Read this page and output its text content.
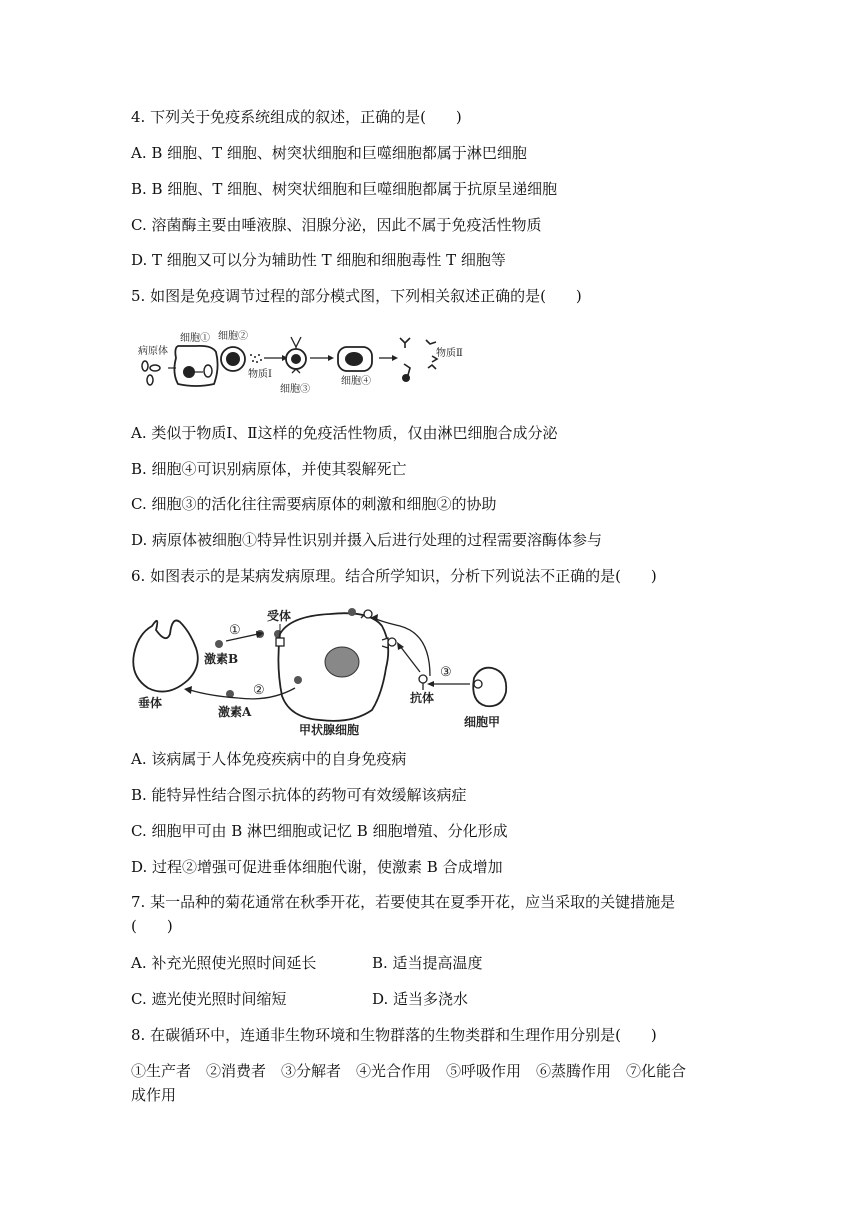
4. 下列关于免疫系统组成的叙述，正确的是(　　)
A. B 细胞、T 细胞、树突状细胞和巨噬细胞都属于淋巴细胞
B. B 细胞、T 细胞、树突状细胞和巨噬细胞都属于抗原呈递细胞
C. 溶菌酶主要由唾液腺、泪腺分泌，因此不属于免疫活性物质
D. T 细胞又可以分为辅助性 T 细胞和细胞毒性 T 细胞等
5. 如图是免疫调节过程的部分模式图，下列相关叙述正确的是(　　)
病原体
细胞① 细胞②
物质Ⅰ
细胞③
细胞④
物质Ⅱ
A. 类似于物质Ⅰ、Ⅱ这样的免疫活性物质，仅由淋巴细胞合成分泌
B. 细胞④可识别病原体，并使其裂解死亡
C. 细胞③的活化往往需要病原体的刺激和细胞②的协助
D. 病原体被细胞①特异性识别并摄入后进行处理的过程需要溶酶体参与
6. 如图表示的是某病发病原理。结合所学知识，分析下列说法不正确的是(　　)
垂体
激素B
①
甲状腺细胞
受体
激素A
②	抗体
③
细胞甲
A. 该病属于人体免疫疾病中的自身免疫病
B. 能特异性结合图示抗体的药物可有效缓解该病症
C. 细胞甲可由 B 淋巴细胞或记忆 B 细胞增殖、分化形成
D. 过程②增强可促进垂体细胞代谢，使激素 B 合成增加
7. 某一品种的菊花通常在秋季开花，若要使其在夏季开花，应当采取的关键措施是
(　　)
A. 补充光照使光照时间延长	B. 适当提高温度
C. 遮光使光照时间缩短	D. 适当多浇水
8. 在碳循环中，连通非生物环境和生物群落的生物类群和生理作用分别是(　　)
①生产者　②消费者　③分解者　④光合作用　⑤呼吸作用　⑥蒸腾作用　⑦化能合
成作用
